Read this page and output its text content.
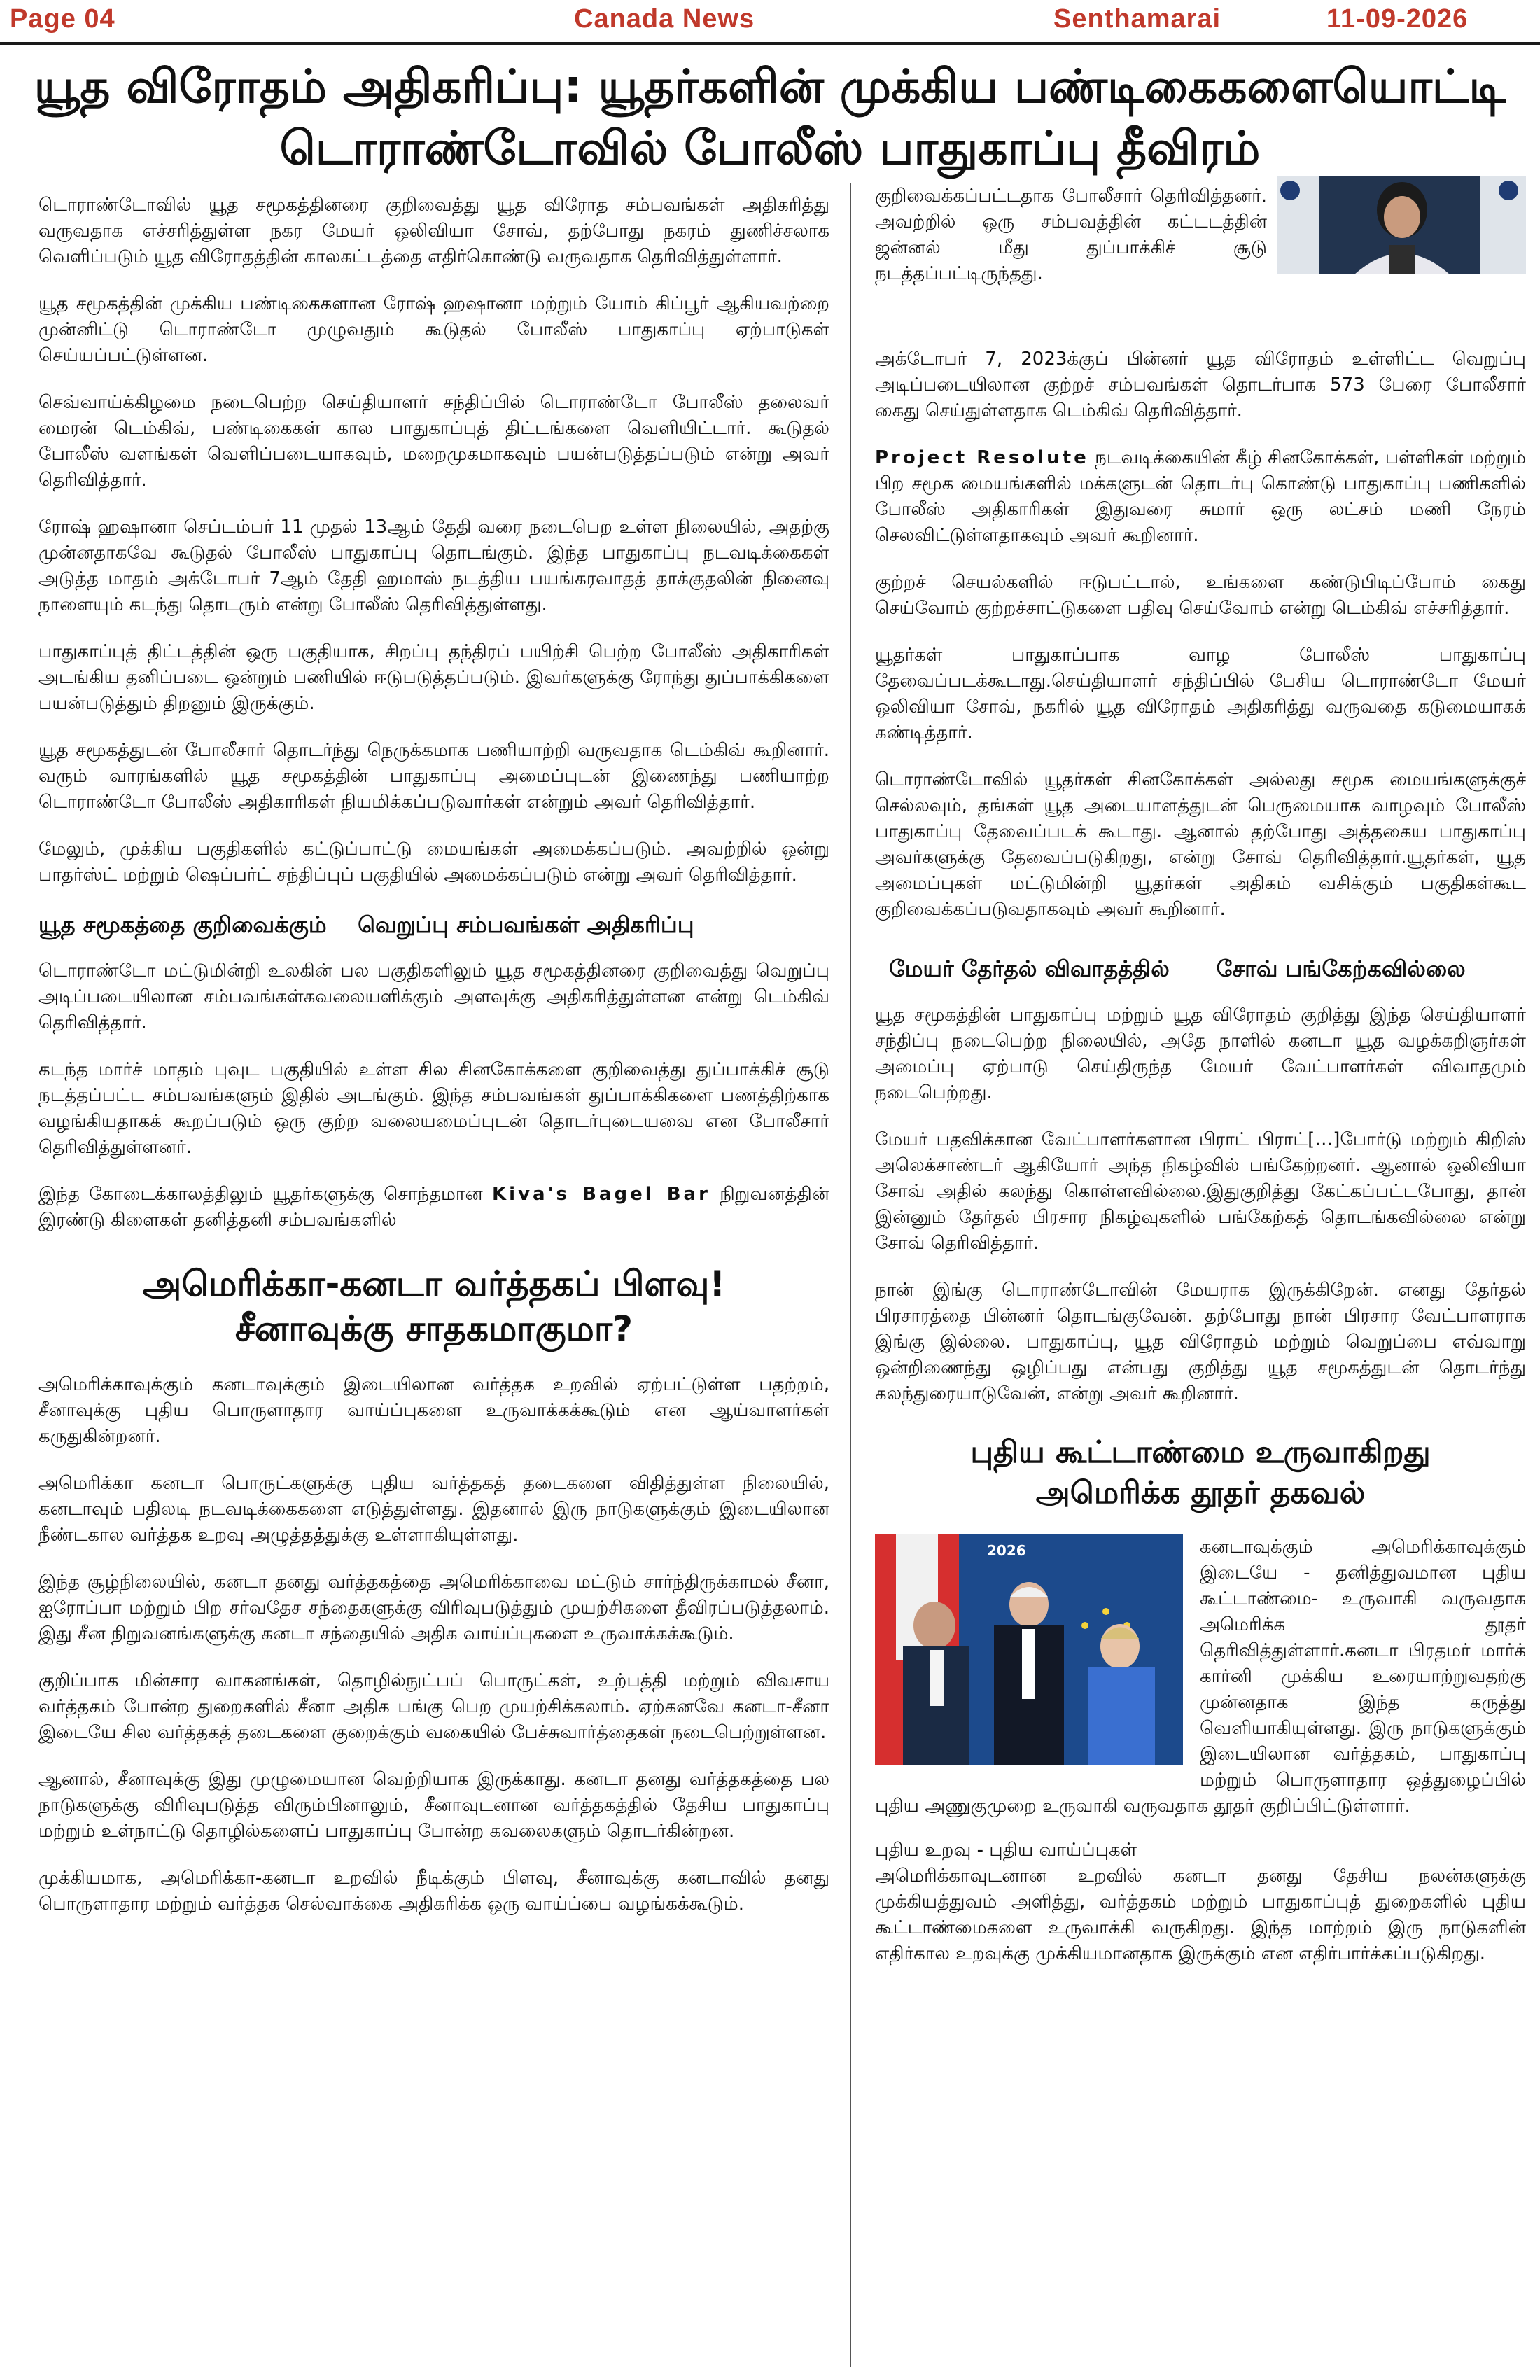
Page 04	Canada News	Senthamarai	11-09-2026
யூத விரோதம் அதிகரிப்பு: யூதர்களின் முக்கிய பண்டிகைகளையொட்டி
டொராண்டோவில் போலீஸ் பாதுகாப்பு தீவிரம்

டொராண்டோவில் யூத சமூகத்தினரை குறிவைத்து யூத விரோத சம்பவங்கள் அதிகரித்து வருவதாக எச்சரித்துள்ள நகர மேயர் ஒலிவியா சோவ், தற்போது நகரம் துணிச்சலாக வெளிப்படும் யூத விரோதத்தின் காலகட்டத்தை எதிர்கொண்டு வருவதாக தெரிவித்துள்ளார்.

யூத சமூகத்தின் முக்கிய பண்டிகைகளான ரோஷ் ஹஷானா மற்றும் யோம் கிப்பூர் ஆகியவற்றை முன்னிட்டு டொராண்டோ முழுவதும் கூடுதல் போலீஸ் பாதுகாப்பு ஏற்பாடுகள் செய்யப்பட்டுள்ளன.

செவ்வாய்க்கிழமை நடைபெற்ற செய்தியாளர் சந்திப்பில் டொராண்டோ போலீஸ் தலைவர் மைரன் டெம்கிவ், பண்டிகைகள் கால பாதுகாப்புத் திட்டங்களை வெளியிட்டார். கூடுதல் போலீஸ் வளங்கள் வெளிப்படையாகவும், மறைமுகமாகவும் பயன்படுத்தப்படும் என்று அவர் தெரிவித்தார்.

ரோஷ் ஹஷானா செப்டம்பர் 11 முதல் 13ஆம் தேதி வரை நடைபெற உள்ள நிலையில், அதற்கு முன்னதாகவே கூடுதல் போலீஸ் பாதுகாப்பு தொடங்கும். இந்த பாதுகாப்பு நடவடிக்கைகள் அடுத்த மாதம் அக்டோபர் 7ஆம் தேதி ஹமாஸ் நடத்திய பயங்கரவாதத் தாக்குதலின் நினைவு நாளையும் கடந்து தொடரும் என்று போலீஸ் தெரிவித்துள்ளது.

பாதுகாப்புத் திட்டத்தின் ஒரு பகுதியாக, சிறப்பு தந்திரப் பயிற்சி பெற்ற போலீஸ் அதிகாரிகள் அடங்கிய தனிப்படை ஒன்றும் பணியில் ஈடுபடுத்தப்படும். இவர்களுக்கு ரோந்து துப்பாக்கிகளை பயன்படுத்தும் திறனும் இருக்கும்.

யூத சமூகத்துடன் போலீசார் தொடர்ந்து நெருக்கமாக பணியாற்றி வருவதாக டெம்கிவ் கூறினார். வரும் வாரங்களில் யூத சமூகத்தின் பாதுகாப்பு அமைப்புடன் இணைந்து பணியாற்ற டொராண்டோ போலீஸ் அதிகாரிகள் நியமிக்கப்படுவார்கள் என்றும் அவர் தெரிவித்தார்.

மேலும், முக்கிய பகுதிகளில் கட்டுப்பாட்டு மையங்கள் அமைக்கப்படும். அவற்றில் ஒன்று பாதர்ஸ்ட் மற்றும் ஷெப்பர்ட் சந்திப்புப் பகுதியில் அமைக்கப்படும் என்று அவர் தெரிவித்தார்.

யூத சமூகத்தை குறிவைக்கும்    வெறுப்பு சம்பவங்கள் அதிகரிப்பு

டொராண்டோ மட்டுமின்றி உலகின் பல பகுதிகளிலும் யூத சமூகத்தினரை குறிவைத்து வெறுப்பு அடிப்படையிலான சம்பவங்கள்கவலையளிக்கும் அளவுக்கு அதிகரித்துள்ளன என்று டெம்கிவ் தெரிவித்தார்.

கடந்த மார்ச் மாதம் புவுட பகுதியில் உள்ள சில சினகோக்களை குறிவைத்து துப்பாக்கிச் சூடு நடத்தப்பட்ட சம்பவங்களும் இதில் அடங்கும். இந்த சம்பவங்கள் துப்பாக்கிகளை பணத்திற்காக வழங்கியதாகக் கூறப்படும் ஒரு குற்ற வலையமைப்புடன் தொடர்புடையவை என போலீசார் தெரிவித்துள்ளனர்.

இந்த கோடைக்காலத்திலும் யூதர்களுக்கு சொந்தமான Kiva's Bagel Bar நிறுவனத்தின் இரண்டு கிளைகள் தனித்தனி சம்பவங்களில்

அமெரிக்கா-கனடா வர்த்தகப் பிளவு!
சீனாவுக்கு சாதகமாகுமா?

அமெரிக்காவுக்கும் கனடாவுக்கும் இடையிலான வர்த்தக உறவில் ஏற்பட்டுள்ள பதற்றம், சீனாவுக்கு புதிய பொருளாதார வாய்ப்புகளை உருவாக்கக்கூடும் என ஆய்வாளர்கள் கருதுகின்றனர்.

அமெரிக்கா கனடா பொருட்களுக்கு புதிய வர்த்தகத் தடைகளை விதித்துள்ள நிலையில், கனடாவும் பதிலடி நடவடிக்கைகளை எடுத்துள்ளது. இதனால் இரு நாடுகளுக்கும் இடையிலான நீண்டகால வர்த்தக உறவு அழுத்தத்துக்கு உள்ளாகியுள்ளது.

இந்த சூழ்நிலையில், கனடா தனது வர்த்தகத்தை அமெரிக்காவை மட்டும் சார்ந்திருக்காமல் சீனா, ஐரோப்பா மற்றும் பிற சர்வதேச சந்தைகளுக்கு விரிவுபடுத்தும் முயற்சிகளை தீவிரப்படுத்தலாம். இது சீன நிறுவனங்களுக்கு கனடா சந்தையில் அதிக வாய்ப்புகளை உருவாக்கக்கூடும்.

குறிப்பாக மின்சார வாகனங்கள், தொழில்நுட்பப் பொருட்கள், உற்பத்தி மற்றும் விவசாய வர்த்தகம் போன்ற துறைகளில் சீனா அதிக பங்கு பெற முயற்சிக்கலாம். ஏற்கனவே கனடா-சீனா இடையே சில வர்த்தகத் தடைகளை குறைக்கும் வகையில் பேச்சுவார்த்தைகள் நடைபெற்றுள்ளன.

ஆனால், சீனாவுக்கு இது முழுமையான வெற்றியாக இருக்காது. கனடா தனது வர்த்தகத்தை பல நாடுகளுக்கு விரிவுபடுத்த விரும்பினாலும், சீனாவுடனான வர்த்தகத்தில் தேசிய பாதுகாப்பு மற்றும் உள்நாட்டு தொழில்களைப் பாதுகாப்பு போன்ற கவலைகளும் தொடர்கின்றன.

முக்கியமாக, அமெரிக்கா-கனடா உறவில் நீடிக்கும் பிளவு, சீனாவுக்கு கனடாவில் தனது பொருளாதார மற்றும் வர்த்தக செல்வாக்கை அதிகரிக்க ஒரு வாய்ப்பை வழங்கக்கூடும்.

குறிவைக்கப்பட்டதாக போலீசார் தெரிவித்தனர். அவற்றில் ஒரு சம்பவத்தின் கட்டடத்தின் ஜன்னல் மீது துப்பாக்கிச் சூடு நடத்தப்பட்டிருந்தது.

அக்டோபர் 7, 2023க்குப் பின்னர் யூத விரோதம் உள்ளிட்ட வெறுப்பு அடிப்படையிலான குற்றச் சம்பவங்கள் தொடர்பாக 573 பேரை போலீசார் கைது செய்துள்ளதாக டெம்கிவ் தெரிவித்தார்.

Project Resolute நடவடிக்கையின் கீழ் சினகோக்கள், பள்ளிகள் மற்றும் பிற சமூக மையங்களில் மக்களுடன் தொடர்பு கொண்டு பாதுகாப்பு பணிகளில் போலீஸ் அதிகாரிகள் இதுவரை சுமார் ஒரு லட்சம் மணி நேரம் செலவிட்டுள்ளதாகவும் அவர் கூறினார்.

குற்றச் செயல்களில் ஈடுபட்டால், உங்களை கண்டுபிடிப்போம் கைது செய்வோம் குற்றச்சாட்டுகளை பதிவு செய்வோம் என்று டெம்கிவ் எச்சரித்தார்.

யூதர்கள் பாதுகாப்பாக வாழ போலீஸ் பாதுகாப்பு தேவைப்படக்கூடாது.செய்தியாளர் சந்திப்பில் பேசிய டொராண்டோ மேயர் ஒலிவியா சோவ், நகரில் யூத விரோதம் அதிகரித்து வருவதை கடுமையாகக் கண்டித்தார்.

டொராண்டோவில் யூதர்கள் சினகோக்கள் அல்லது சமூக மையங்களுக்குச் செல்லவும், தங்கள் யூத அடையாளத்துடன் பெருமையாக வாழவும் போலீஸ் பாதுகாப்பு தேவைப்படக் கூடாது. ஆனால் தற்போது அத்தகைய பாதுகாப்பு அவர்களுக்கு தேவைப்படுகிறது, என்று சோவ் தெரிவித்தார்.யூதர்கள், யூத அமைப்புகள் மட்டுமின்றி யூதர்கள் அதிகம் வசிக்கும் பகுதிகள்கூட குறிவைக்கப்படுவதாகவும் அவர் கூறினார்.

மேயர் தேர்தல் விவாதத்தில்      சோவ் பங்கேற்கவில்லை

யூத சமூகத்தின் பாதுகாப்பு மற்றும் யூத விரோதம் குறித்து இந்த செய்தியாளர் சந்திப்பு நடைபெற்ற நிலையில், அதே நாளில் கனடா யூத வழக்கறிஞர்கள் அமைப்பு ஏற்பாடு செய்திருந்த மேயர் வேட்பாளர்கள் விவாதமும் நடைபெற்றது.

மேயர் பதவிக்கான வேட்பாளர்களான பிராட் பிராட்[…]போர்டு மற்றும் கிறிஸ் அலெக்சாண்டர் ஆகியோர் அந்த நிகழ்வில் பங்கேற்றனர். ஆனால் ஒலிவியா சோவ் அதில் கலந்து கொள்ளவில்லை.இதுகுறித்து கேட்கப்பட்டபோது, தான் இன்னும் தேர்தல் பிரசார நிகழ்வுகளில் பங்கேற்கத் தொடங்கவில்லை என்று சோவ் தெரிவித்தார்.

நான் இங்கு டொராண்டோவின் மேயராக இருக்கிறேன். எனது தேர்தல் பிரசாரத்தை பின்னர் தொடங்குவேன். தற்போது நான் பிரசார வேட்பாளராக இங்கு இல்லை. பாதுகாப்பு, யூத விரோதம் மற்றும் வெறுப்பை எவ்வாறு ஒன்றிணைந்து ஒழிப்பது என்பது குறித்து யூத சமூகத்துடன் தொடர்ந்து கலந்துரையாடுவேன், என்று அவர் கூறினார்.

புதிய கூட்டாண்மை உருவாகிறது
அமெரிக்க தூதர் தகவல்
2026	கனடாவுக்கும் அமெரிக்காவுக்கும் இடையே - தனித்துவமான புதிய கூட்டாண்மை- உருவாகி வருவதாக அமெரிக்க தூதர் தெரிவித்துள்ளார்.கனடா பிரதமர் மார்க் கார்னி முக்கிய உரையாற்றுவதற்கு முன்னதாக இந்த கருத்து வெளியாகியுள்ளது. இரு நாடுகளுக்கும் இடையிலான வர்த்தகம், பாதுகாப்பு மற்றும் பொருளாதார ஒத்துழைப்பில் புதிய அணுகுமுறை உருவாகி வருவதாக தூதர் குறிப்பிட்டுள்ளார்.

புதிய உறவு - புதிய வாய்ப்புகள்

அமெரிக்காவுடனான உறவில் கனடா தனது தேசிய நலன்களுக்கு முக்கியத்துவம் அளித்து, வர்த்தகம் மற்றும் பாதுகாப்புத் துறைகளில் புதிய கூட்டாண்மைகளை உருவாக்கி வருகிறது. இந்த மாற்றம் இரு நாடுகளின் எதிர்கால உறவுக்கு முக்கியமானதாக இருக்கும் என எதிர்பார்க்கப்படுகிறது.
